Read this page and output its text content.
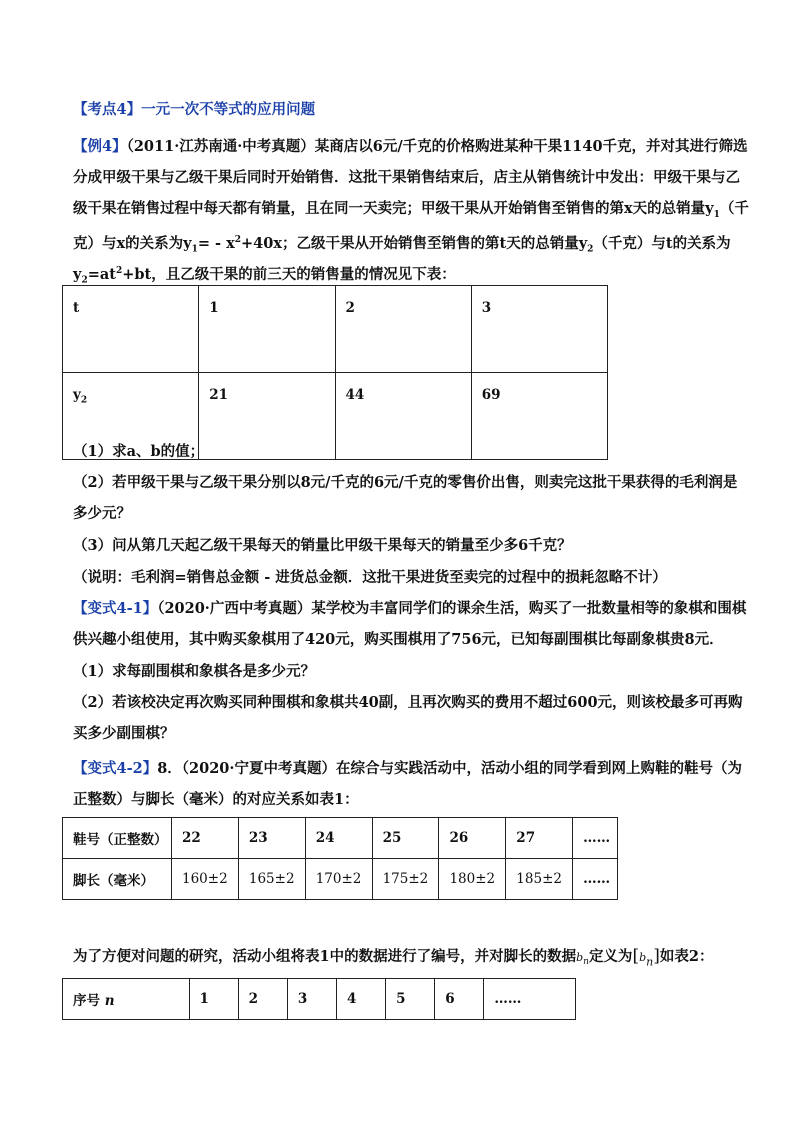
【考点4】一元一次不等式的应用问题
【例4】（2011·江苏南通·中考真题）某商店以6元/千克的价格购进某种干果1140千克，并对其进行筛选
分成甲级干果与乙级干果后同时开始销售．这批干果销售结束后，店主从销售统计中发出：甲级干果与乙
级干果在销售过程中每天都有销量，且在同一天卖完；甲级干果从开始销售至销售的第x天的总销量$y_1$（千
克）与x的关系为$y_1= - x^2+40x$；乙级干果从开始销售至销售的第t天的总销量$y_2$（千克）与t的关系为
$y_2=at^2+bt$，且乙级干果的前三天的销售量的情况见下表：
t	1	2	3
$y_2$	21	44	69
（1）求a、b的值；
（2）若甲级干果与乙级干果分别以8元/千克的6元/千克的零售价出售，则卖完这批干果获得的毛利润是
多少元？
（3）问从第几天起乙级干果每天的销量比甲级干果每天的销量至少多6千克？
（说明：毛利润=销售总金额 - 进货总金额．这批干果进货至卖完的过程中的损耗忽略不计）
【变式4-1】（2020·广西中考真题）某学校为丰富同学们的课余生活，购买了一批数量相等的象棋和围棋
供兴趣小组使用，其中购买象棋用了420元，购买围棋用了756元，已知每副围棋比每副象棋贵8元．
（1）求每副围棋和象棋各是多少元？
（2）若该校决定再次购买同种围棋和象棋共40副，且再次购买的费用不超过600元，则该校最多可再购
买多少副围棋？
【变式4-2】8．（2020·宁夏中考真题）在综合与实践活动中，活动小组的同学看到网上购鞋的鞋号（为
正整数）与脚长（毫米）的对应关系如表1：
鞋号（正整数）	22	23	24	25	26	27	……
脚长（毫米）	160±2	165±2	170±2	175±2	180±2	185±2	……
为了方便对问题的研究，活动小组将表1中的数据进行了编号，并对脚长的数据$b_n$定义为$[b_n]$如表2：
序号 n	1	2	3	4	5	6	……
